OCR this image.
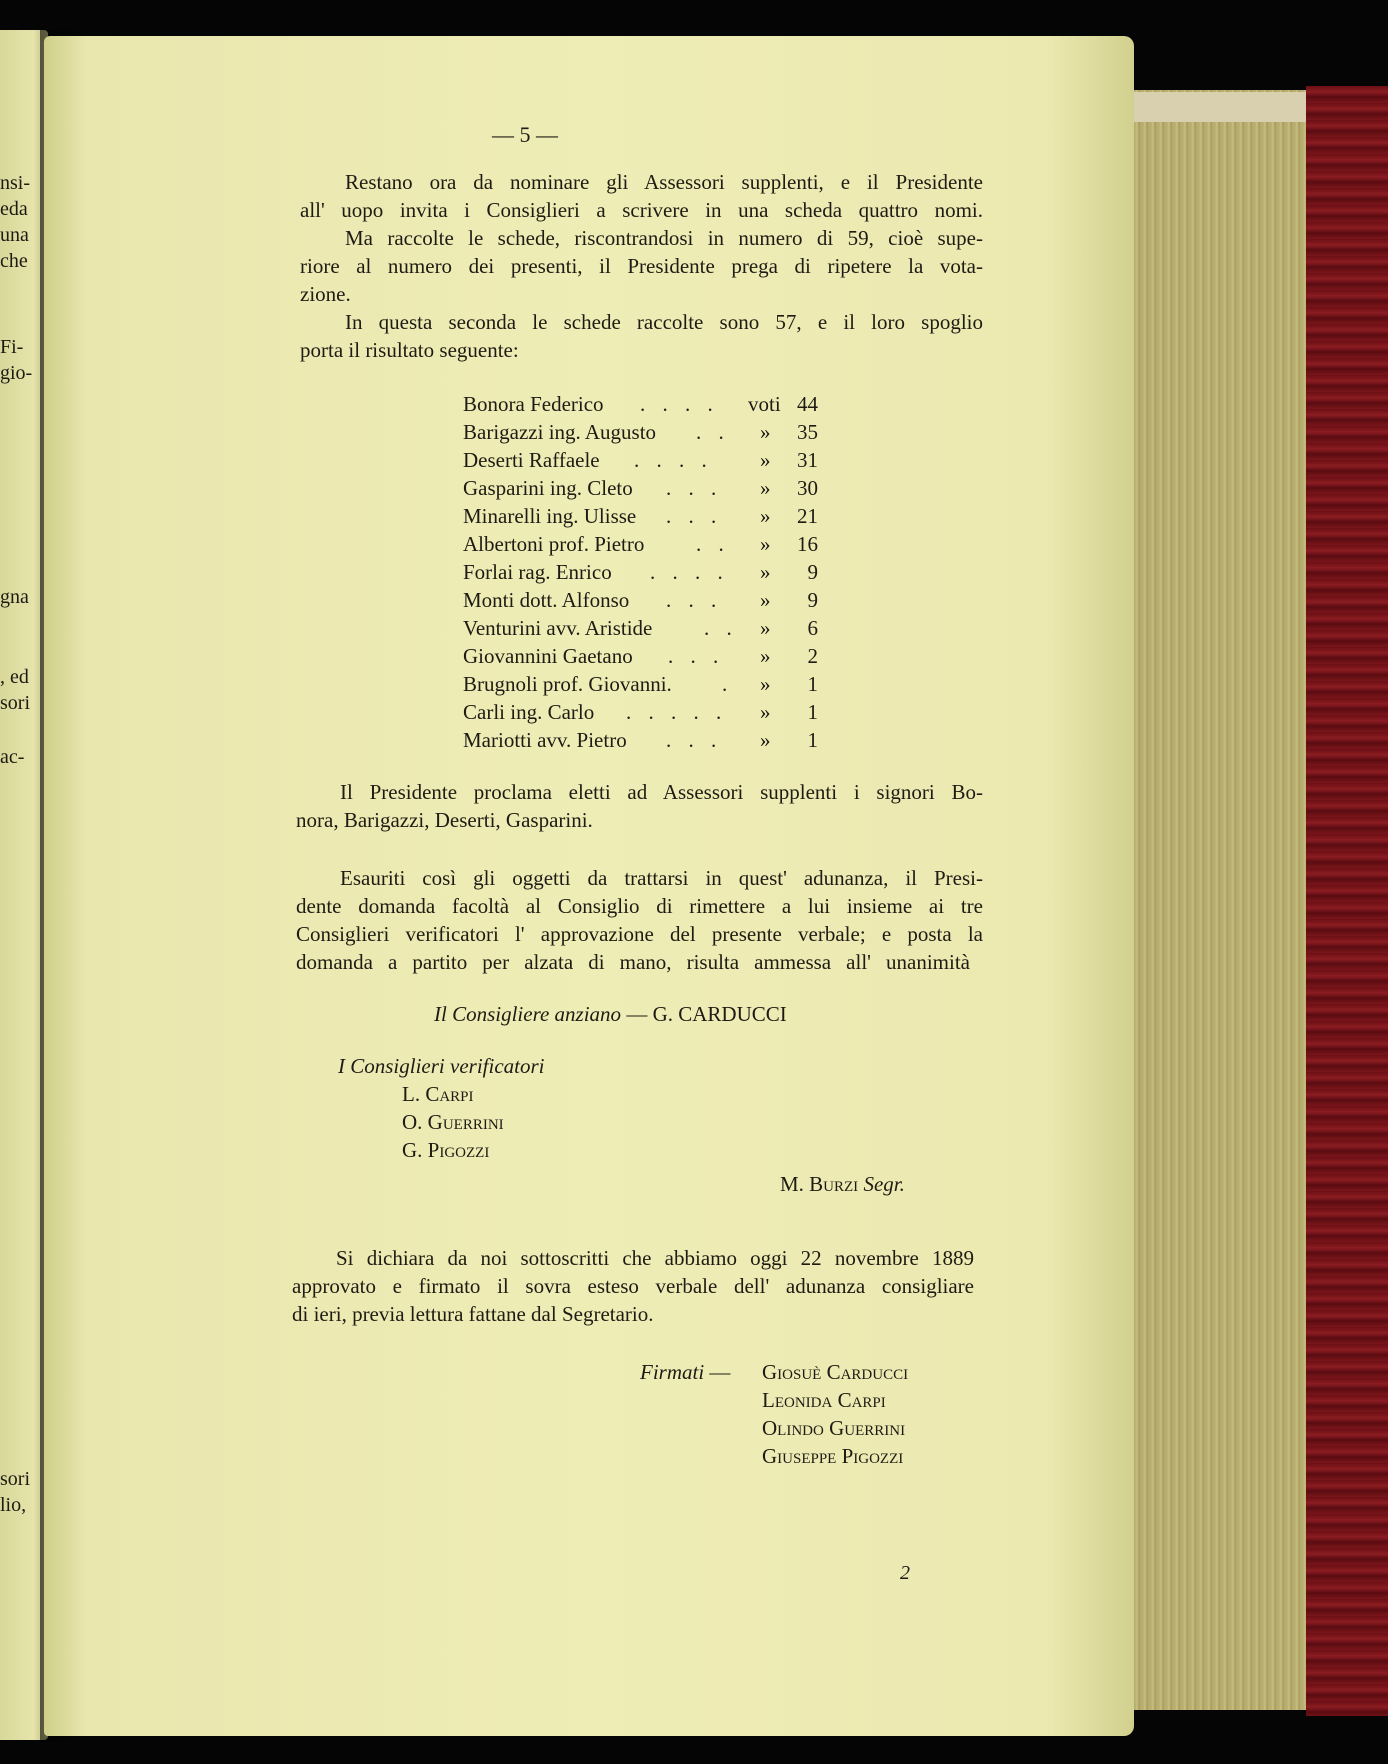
nsi-
eda
una
che
Fi-
gio-
gna
, ed
sori
ac-
sori
lio,
— 5 —
Restano ora da nominare gli Assessori supplenti, e il Presidente
all' uopo invita i Consiglieri a scrivere in una scheda quattro nomi.
Ma raccolte le schede, riscontrandosi in numero di 59, cioè supe-
riore al numero dei presenti, il Presidente prega di ripetere la vota-
zione.
In questa seconda le schede raccolte sono 57, e il loro spoglio
porta il risultato seguente:
Bonora Federico . . . . voti 44
Barigazzi ing. Augusto . . »	35
Deserti Raffaele . . . . »	31
Gasparini ing. Cleto . . . »	30
Minarelli ing. Ulisse . . . »	21
Albertoni prof. Pietro . . »	16
Forlai rag. Enrico . . . . »	9
Monti dott. Alfonso . . . »	9
Venturini avv. Aristide . . »	6
Giovannini Gaetano . . . »	2
Brugnoli prof. Giovanni. . »	1
Carli ing. Carlo . . . . . »	1
Mariotti avv. Pietro . . . »	1
Il Presidente proclama eletti ad Assessori supplenti i signori Bo-
nora, Barigazzi, Deserti, Gasparini.
Esauriti così gli oggetti da trattarsi in quest' adunanza, il Presi-
dente domanda facoltà al Consiglio di rimettere a lui insieme ai tre
Consiglieri verificatori l' approvazione del presente verbale; e posta la
domanda a partito per alzata di mano, risulta ammessa all' unanimità
Il Consigliere anziano — G. CARDUCCI
I Consiglieri verificatori
L. Carpi
O. Guerrini
G. Pigozzi
M. Burzi Segr.
Si dichiara da noi sottoscritti che abbiamo oggi 22 novembre 1889
approvato e firmato il sovra esteso verbale dell' adunanza consigliare
di ieri, previa lettura fattane dal Segretario.
Firmati — Giosuè Carducci
Leonida Carpi
Olindo Guerrini
Giuseppe Pigozzi
2
